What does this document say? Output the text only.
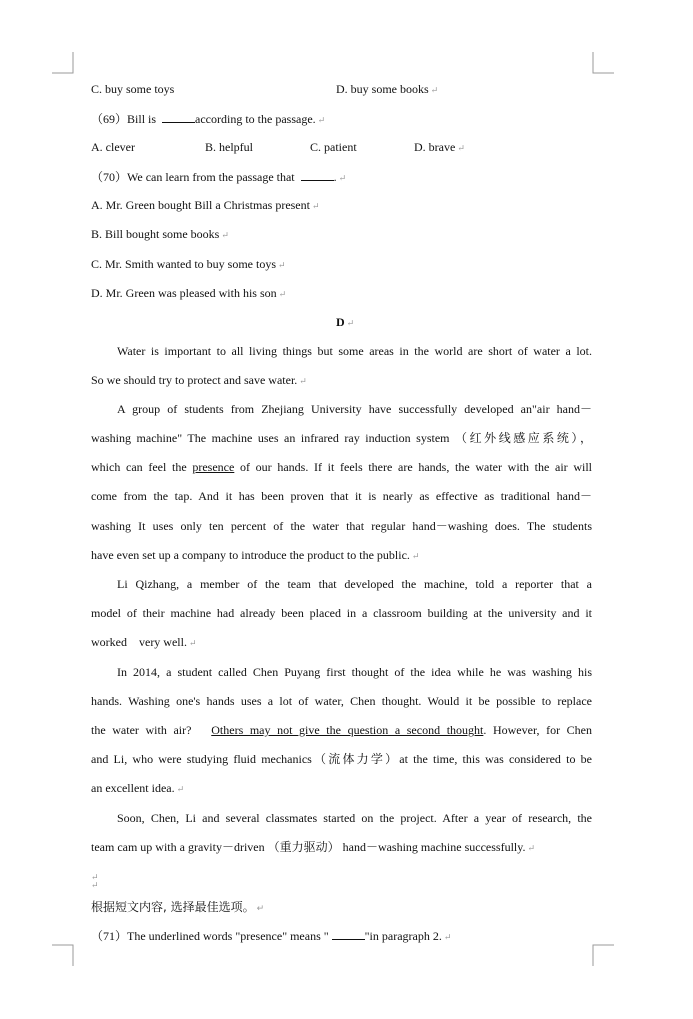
C. buy some toys	D. buy some books ↵
（69）Bill is	according to the passage. ↵
A. clever	B. helpful	C. patient	D. brave ↵
（70）We can learn from the passage that	. ↵
A. Mr. Green bought Bill a Christmas present ↵
B. Bill bought some books ↵
C. Mr. Smith wanted to buy some toys ↵
D. Mr. Green was pleased with his son ↵
D ↵
Water is important to all living things but some areas in the world are short of water a lot.
So we should try to protect and save water. ↵
A group of students from Zhejiang University have successfully developed an"air hand－
washing machine" The machine uses an infrared ray induction system （红外线感应系统），
which can feel the presence of our hands. If it feels there are hands, the water with the air will
come from the tap. And it has been proven that it is nearly as effective as traditional hand－
washing It uses only ten percent of the water that regular hand－washing does. The students
have even set up a company to introduce the product to the public. ↵
Li Qizhang, a member of the team that developed the machine, told a reporter that a
model of their machine had already been placed in a classroom building at the university and it
worked    very well. ↵
In 2014, a student called Chen Puyang first thought of the idea while he was washing his
hands. Washing one's hands uses a lot of water, Chen thought. Would it be possible to replace
the water with air?   Others may not give the question a second thought. However, for Chen
and Li, who were studying fluid mechanics（流体力学）at the time, this was considered to be
an excellent idea. ↵
Soon, Chen, Li and several classmates started on the project. After a year of research, the
team cam up with a gravity－driven （重力驱动） hand－washing machine successfully. ↵
↵
↵
根据短文内容, 选择最佳选项。 ↵
（71）The underlined words "presence" means "	"in paragraph 2. ↵
